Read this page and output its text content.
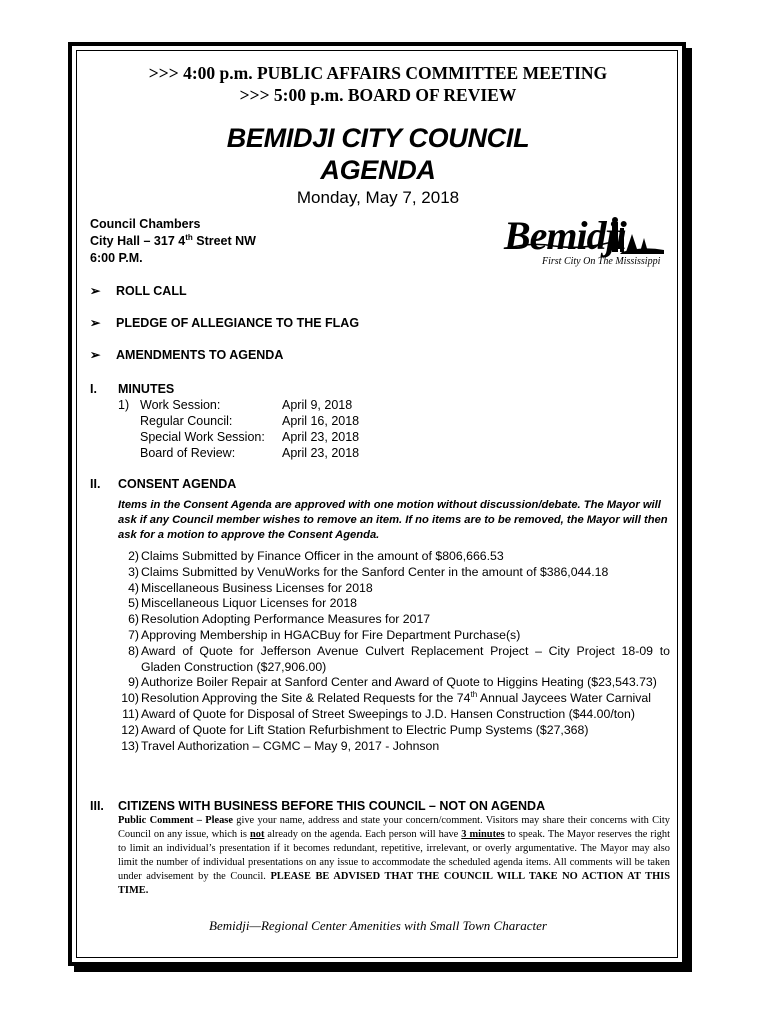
>>> 4:00 p.m. PUBLIC AFFAIRS COMMITTEE MEETING
>>> 5:00 p.m. BOARD OF REVIEW
BEMIDJI CITY COUNCIL
AGENDA
Monday, May 7, 2018
Council Chambers
City Hall – 317 4th Street NW
6:00 P.M.	Bemidji
First City On The Mississippi
➢ ROLL CALL
➢ PLEDGE OF ALLEGIANCE TO THE FLAG
➢ AMENDMENTS TO AGENDA
I. MINUTES
1) Work Session:	April 9, 2018
Regular Council:	April 16, 2018
Special Work Session:	April 23, 2018
Board of Review:	April 23, 2018
II. CONSENT AGENDA
Items in the Consent Agenda are approved with one motion without discussion/debate. The Mayor will ask if any Council member wishes to remove an item. If no items are to be removed, the Mayor will then ask for a motion to approve the Consent Agenda.
2) Claims Submitted by Finance Officer in the amount of $806,666.53
3) Claims Submitted by VenuWorks for the Sanford Center in the amount of $386,044.18
4) Miscellaneous Business Licenses for 2018
5) Miscellaneous Liquor Licenses for 2018
6) Resolution Adopting Performance Measures for 2017
7) Approving Membership in HGACBuy for Fire Department Purchase(s)
8) Award of Quote for Jefferson Avenue Culvert Replacement Project – City Project 18-09 to Gladen Construction ($27,906.00)
9) Authorize Boiler Repair at Sanford Center and Award of Quote to Higgins Heating ($23,543.73)
10) Resolution Approving the Site & Related Requests for the 74th Annual Jaycees Water Carnival
11) Award of Quote for Disposal of Street Sweepings to J.D. Hansen Construction ($44.00/ton)
12) Award of Quote for Lift Station Refurbishment to Electric Pump Systems ($27,368)
13) Travel Authorization – CGMC – May 9, 2017 - Johnson
III. CITIZENS WITH BUSINESS BEFORE THIS COUNCIL – NOT ON AGENDA
Public Comment – Please give your name, address and state your concern/comment. Visitors may share their concerns with City Council on any issue, which is not already on the agenda. Each person will have 3 minutes to speak. The Mayor reserves the right to limit an individual’s presentation if it becomes redundant, repetitive, irrelevant, or overly argumentative. The Mayor may also limit the number of individual presentations on any issue to accommodate the scheduled agenda items. All comments will be taken under advisement by the Council. PLEASE BE ADVISED THAT THE COUNCIL WILL TAKE NO ACTION AT THIS TIME.
Bemidji—Regional Center Amenities with Small Town Character
